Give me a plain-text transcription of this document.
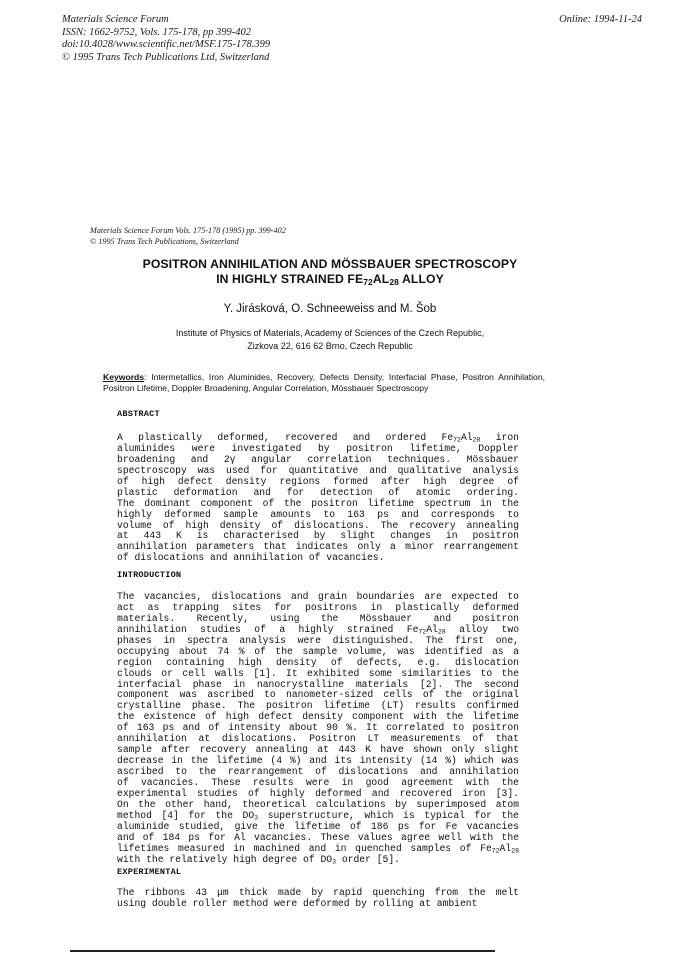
Materials Science Forum
ISSN: 1662-9752, Vols. 175-178, pp 399-402
doi:10.4028/www.scientific.net/MSF.175-178.399
© 1995 Trans Tech Publications Ltd, Switzerland
Online: 1994-11-24
Materials Science Forum Vols. 175-178 (1995) pp. 399-402
© 1995 Trans Tech Publications, Switzerland
POSITRON ANNIHILATION AND MÖSSBAUER SPECTROSCOPY
IN HIGHLY STRAINED $FE_{72}AL_{28}$ ALLOY
Y. Jirásková, O. Schneeweiss and M. Šob
Institute of Physics of Materials, Academy of Sciences of the Czech Republic,
Zizkova 22, 616 62 Brno, Czech Republic
Keywords: Intermetallics, Iron Aluminides, Recovery, Defects Density, Interfacial Phase, Positron Annihilation, Positron Lifetime, Doppler Broadening, Angular Correlation, Mössbauer Spectroscopy
ABSTRACT
A plastically deformed, recovered and ordered $Fe_{72}Al_{28}$ iron
aluminides were investigated by positron lifetime, Doppler
broadening and 2γ angular correlation techniques. Mössbauer
spectroscopy was used for quantitative and qualitative analysis
of high defect density regions formed after high degree of
plastic deformation and for detection of atomic ordering.
The dominant component of the positron lifetime spectrum in the
highly deformed sample amounts to 163 ps and corresponds to
volume of high density of dislocations. The recovery annealing
at 443 K is characterised by slight changes in positron
annihilation parameters that indicates only a minor rearrangement
of dislocations and annihilation of vacancies.
INTRODUCTION
The vacancies, dislocations and grain boundaries are expected to
act as trapping sites for positrons in plastically deformed
materials. Recently, using the Mössbauer and positron
annihilation studies of a highly strained $Fe_{72}Al_{28}$ alloy two
phases in spectra analysis were distinguished. The first one,
occupying about 74 % of the sample volume, was identified as a
region containing high density of defects, e.g. dislocation
clouds or cell walls [1]. It exhibited some similarities to the
interfacial phase in nanocrystalline materials [2]. The second
component was ascribed to nanometer-sized cells of the original
crystalline phase. The positron lifetime (LT) results confirmed
the existence of high defect density component with the lifetime
of 163 ps and of intensity about 90 %. It correlated to positron
annihilation at dislocations. Positron LT measurements of that
sample after recovery annealing at 443 K have shown only slight
decrease in the lifetime (4 %) and its intensity (14 %) which was
ascribed to the rearrangement of dislocations and annihilation
of vacancies. These results were in good agreement with the
experimental studies of highly deformed and recovered iron [3].
On the other hand, theoretical calculations by superimposed atom
method [4] for the $DO_3$ superstructure, which is typical for the
aluminide studied, give the lifetime of 186 ps for Fe vacancies
and of 184 ps for Al vacancies. These values agree well with the
lifetimes measured in machined and in quenched samples of $Fe_{72}Al_{28}$
with the relatively high degree of $DO_3$ order [5].
EXPERIMENTAL
The ribbons 43 μm thick made by rapid quenching from the melt
using double roller method were deformed by rolling at ambient
